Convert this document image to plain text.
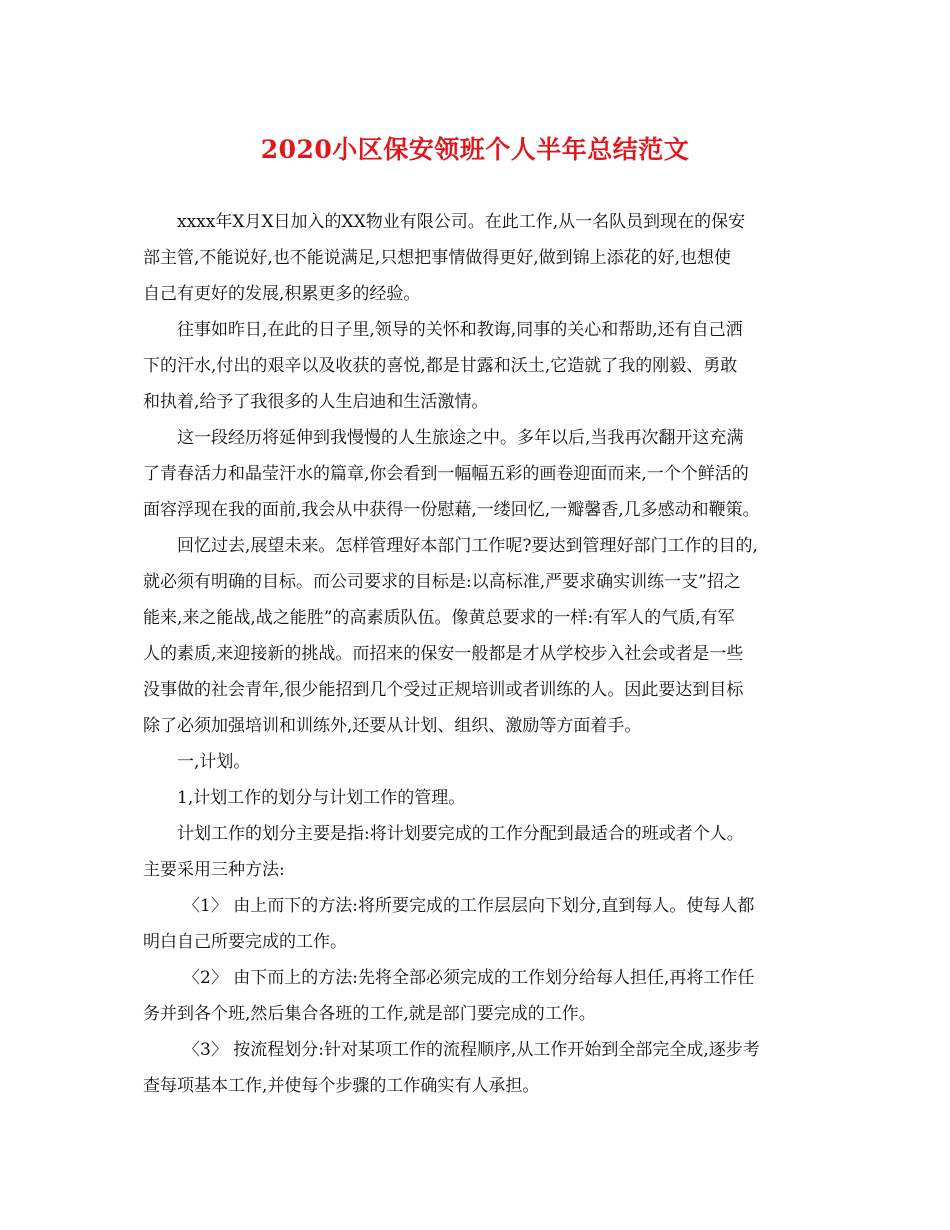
2020小区保安领班个人半年总结范文
xxxx年X月X日加入的XX物业有限公司。在此工作,从一名队员到现在的保安
部主管,不能说好,也不能说满足,只想把事情做得更好,做到锦上添花的好,也想使
自己有更好的发展,积累更多的经验。
往事如昨日,在此的日子里,领导的关怀和教诲,同事的关心和帮助,还有自己洒
下的汗水,付出的艰辛以及收获的喜悦,都是甘露和沃土,它造就了我的刚毅、勇敢
和执着,给予了我很多的人生启迪和生活激情。
这一段经历将延伸到我慢慢的人生旅途之中。多年以后,当我再次翻开这充满
了青春活力和晶莹汗水的篇章,你会看到一幅幅五彩的画卷迎面而来,一个个鲜活的
面容浮现在我的面前,我会从中获得一份慰藉,一缕回忆,一瓣馨香,几多感动和鞭策。
回忆过去,展望未来。怎样管理好本部门工作呢?要达到管理好部门工作的目的,
就必须有明确的目标。而公司要求的目标是:以高标准,严要求确实训练一支”招之
能来,来之能战,战之能胜”的高素质队伍。像黄总要求的一样:有军人的气质,有军
人的素质,来迎接新的挑战。而招来的保安一般都是才从学校步入社会或者是一些
没事做的社会青年,很少能招到几个受过正规培训或者训练的人。因此要达到目标
除了必须加强培训和训练外,还要从计划、组织、激励等方面着手。
一,计划。
1,计划工作的划分与计划工作的管理。
计划工作的划分主要是指:将计划要完成的工作分配到最适合的班或者个人。
主要采用三种方法:
〈1〉 由上而下的方法:将所要完成的工作层层向下划分,直到每人。使每人都
明白自己所要完成的工作。
〈2〉 由下而上的方法:先将全部必须完成的工作划分给每人担任,再将工作任
务并到各个班,然后集合各班的工作,就是部门要完成的工作。
〈3〉 按流程划分:针对某项工作的流程顺序,从工作开始到全部完全成,逐步考
查每项基本工作,并使每个步骤的工作确实有人承担。
